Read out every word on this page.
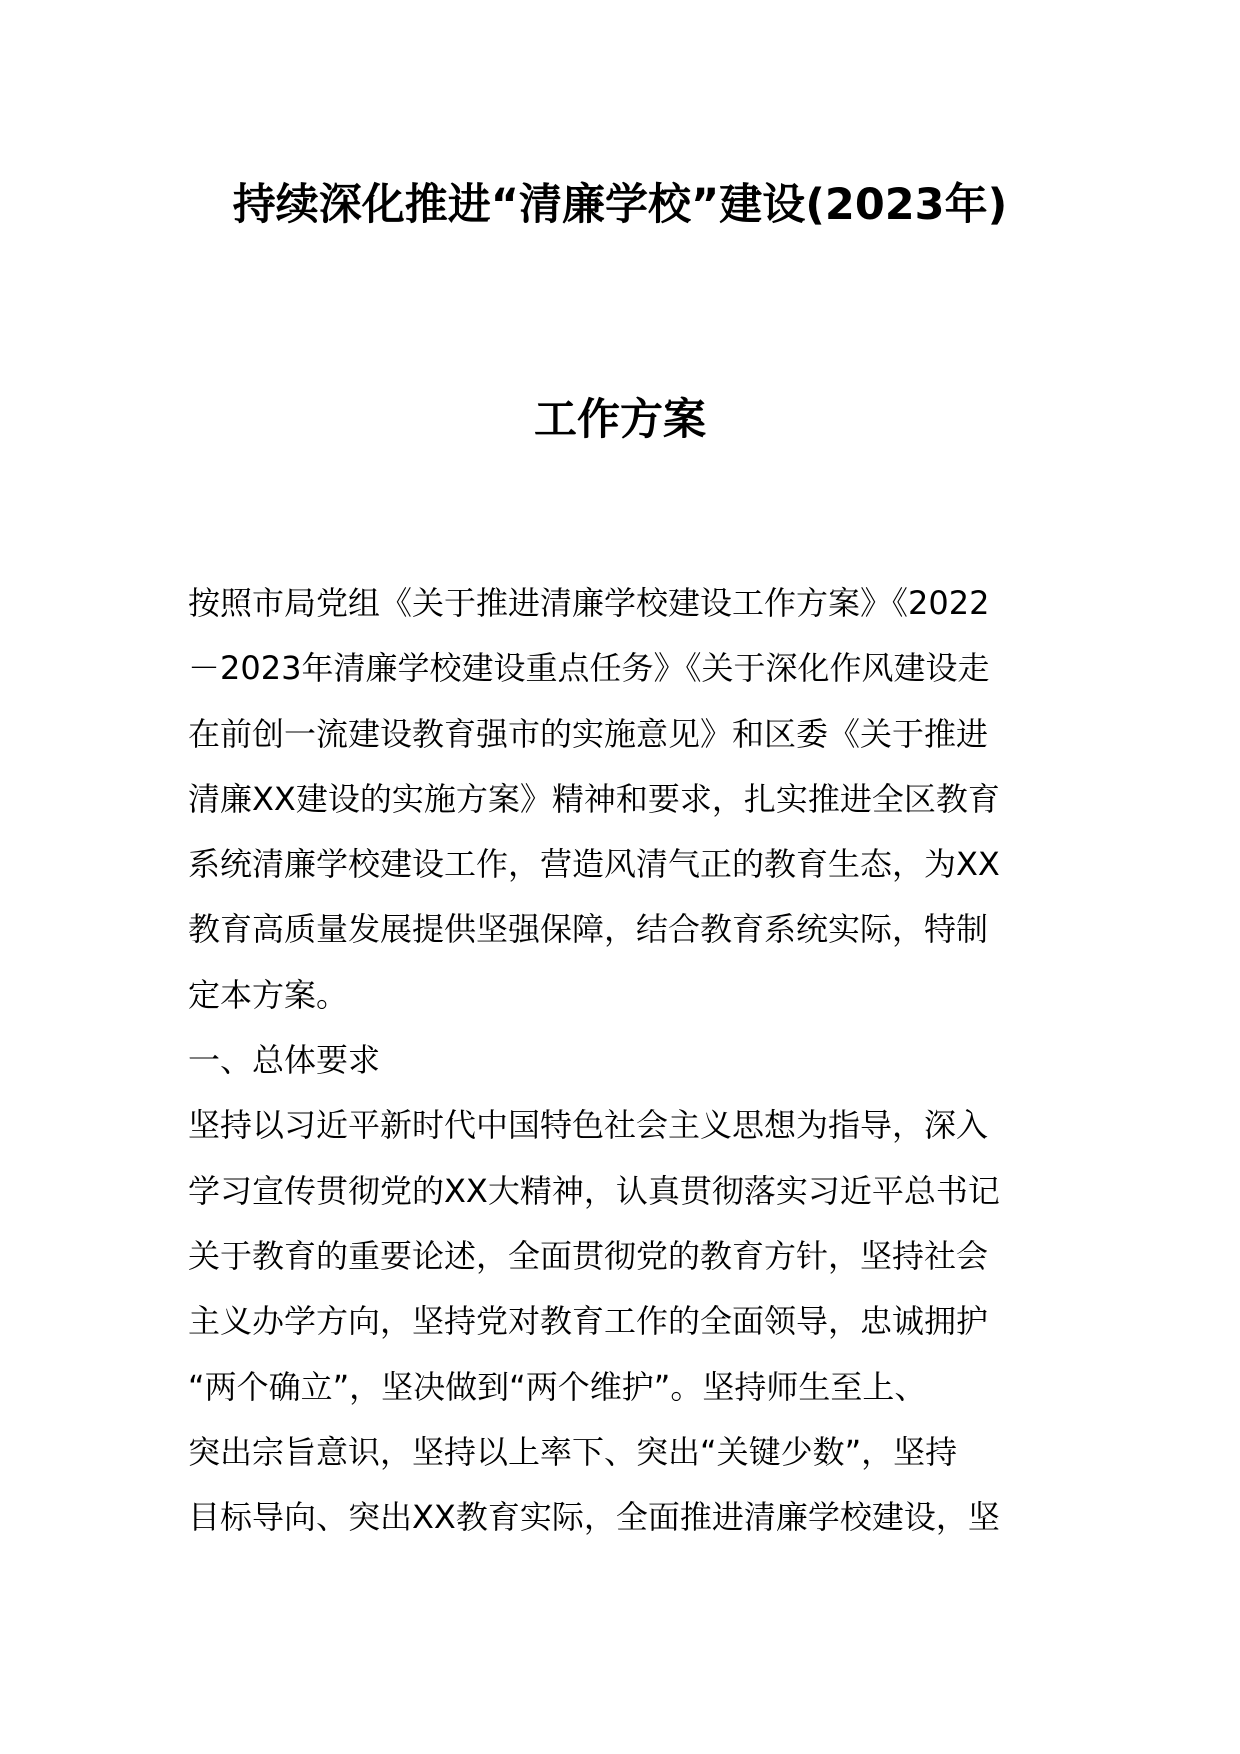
持续深化推进“清廉学校”建设(2023年)
工作方案
按照市局党组《关于推进清廉学校建设工作方案》《2022
－2023年清廉学校建设重点任务》《关于深化作风建设走
在前创一流建设教育强市的实施意见》和区委《关于推进
清廉XX建设的实施方案》精神和要求，扎实推进全区教育
系统清廉学校建设工作，营造风清气正的教育生态，为XX
教育高质量发展提供坚强保障，结合教育系统实际，特制
定本方案。
一、总体要求
坚持以习近平新时代中国特色社会主义思想为指导，深入
学习宣传贯彻党的XX大精神，认真贯彻落实习近平总书记
关于教育的重要论述，全面贯彻党的教育方针，坚持社会
主义办学方向，坚持党对教育工作的全面领导，忠诚拥护
“两个确立”，坚决做到“两个维护”。坚持师生至上、
突出宗旨意识，坚持以上率下、突出“关键少数”，坚持
目标导向、突出XX教育实际，全面推进清廉学校建设，坚
